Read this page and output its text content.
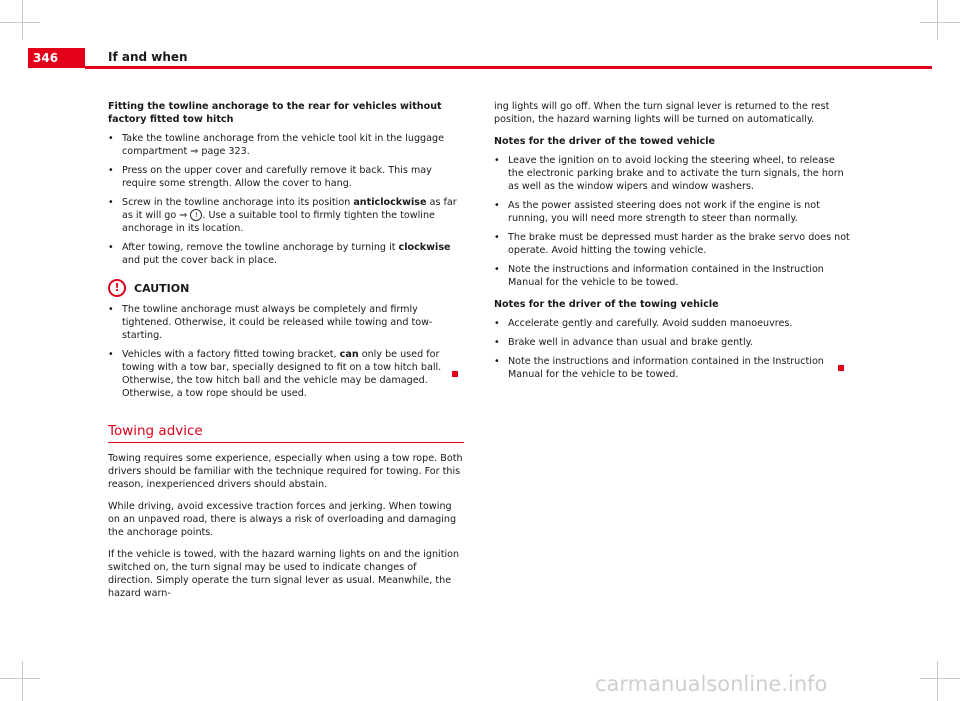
346	If and when

Fitting the towline anchorage to the rear for vehicles without factory fitted tow hitch

• Take the towline anchorage from the vehicle tool kit in the luggage compartment ⇒ page 323.
• Press on the upper cover and carefully remove it back. This may require some strength. Allow the cover to hang.
• Screw in the towline anchorage into its position anticlockwise as far as it will go ⇒ ! . Use a suitable tool to firmly tighten the towline anchorage in its location.
• After towing, remove the towline anchorage by turning it clockwise and put the cover back in place.
!	CAUTION
• The towline anchorage must always be completely and firmly tightened. Otherwise, it could be released while towing and tow-starting.
• Vehicles with a factory fitted towing bracket, can only be used for towing with a tow bar, specially designed to fit on a tow hitch ball. Otherwise, the tow hitch ball and the vehicle may be damaged. Otherwise, a tow rope should be used.
Towing advice

Towing requires some experience, especially when using a tow rope. Both drivers should be familiar with the technique required for towing. For this reason, inexperienced drivers should abstain.

While driving, avoid excessive traction forces and jerking. When towing on an unpaved road, there is always a risk of overloading and damaging the anchorage points.

If the vehicle is towed, with the hazard warning lights on and the ignition switched on, the turn signal may be used to indicate changes of direction. Simply operate the turn signal lever as usual. Meanwhile, the hazard warn-

ing lights will go off. When the turn signal lever is returned to the rest position, the hazard warning lights will be turned on automatically.

Notes for the driver of the towed vehicle

• Leave the ignition on to avoid locking the steering wheel, to release the electronic parking brake and to activate the turn signals, the horn as well as the window wipers and window washers.
• As the power assisted steering does not work if the engine is not running, you will need more strength to steer than normally.
• The brake must be depressed must harder as the brake servo does not operate. Avoid hitting the towing vehicle.
• Note the instructions and information contained in the Instruction Manual for the vehicle to be towed.

Notes for the driver of the towing vehicle

• Accelerate gently and carefully. Avoid sudden manoeuvres.
• Brake well in advance than usual and brake gently.
• Note the instructions and information contained in the Instruction Manual for the vehicle to be towed.
carmanualsonline.info
